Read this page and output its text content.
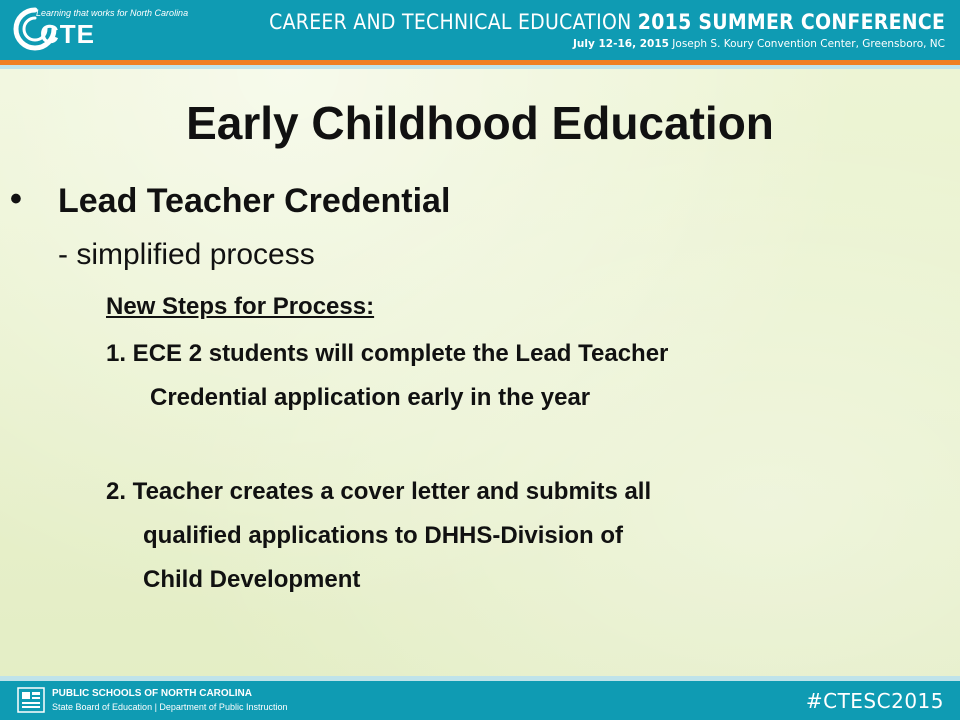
Learning that works for North Carolina
CTE	CAREER AND TECHNICAL EDUCATION 2015 SUMMER CONFERENCE
July 12-16, 2015 Joseph S. Koury Convention Center, Greensboro, NC
Early Childhood Education
• Lead Teacher Credential
- simplified process
New Steps for Process:
1. ECE 2 students will complete the Lead Teacher
Credential application early in the year
2. Teacher creates a cover letter and submits all
qualified applications to DHHS-Division of
Child Development
PUBLIC SCHOOLS OF NORTH CAROLINA
State Board of Education | Department of Public Instruction	#CTESC2015
